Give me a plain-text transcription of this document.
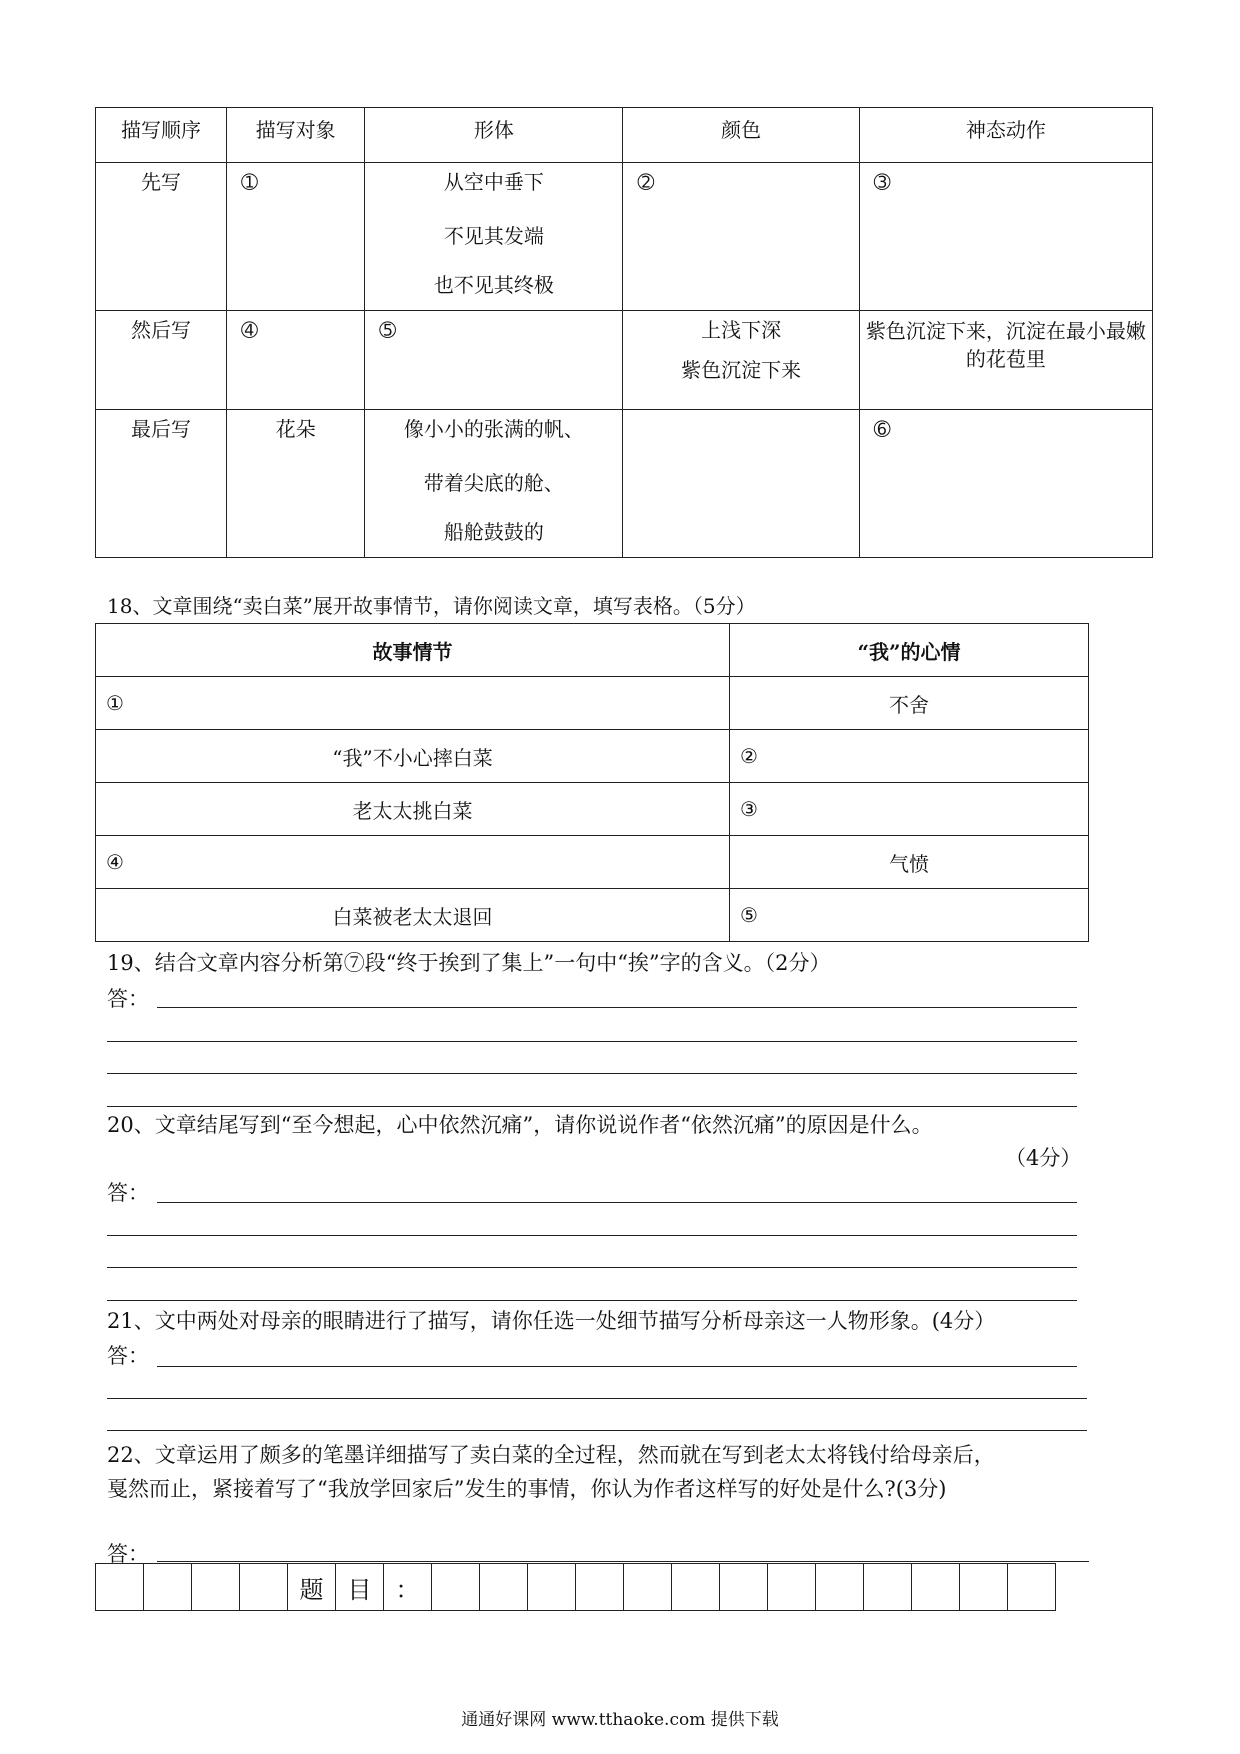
描写顺序	描写对象	形体	颜色	神态动作

先写	➀	从空中垂下
不见其发端
也不见其终极	➁	➂

然后写	➃	➄	上浅下深
紫色沉淀下来	紫色沉淀下来，沉淀在最小最嫩的花苞里

最后写	花朵	像小小的张满的帆、
带着尖底的舱、
船舱鼓鼓的		➅
18、文章围绕“卖白菜”展开故事情节，请你阅读文章，填写表格。（5分）
故事情节	“我”的心情
①	不舍
“我”不小心摔白菜	②
老太太挑白菜	③
④	气愤
白菜被老太太退回	⑤
19、结合文章内容分析第⑦段“终于挨到了集上”一句中“挨”字的含义。（2分）
答：
20、文章结尾写到“至今想起，心中依然沉痛”，请你说说作者“依然沉痛”的原因是什么。
（4分）
答：
21、文中两处对母亲的眼睛进行了描写，请你任选一处细节描写分析母亲这一人物形象。(4分）
答：
22、文章运用了颇多的笔墨详细描写了卖白菜的全过程，然而就在写到老太太将钱付给母亲后，
戛然而止，紧接着写了“我放学回家后”发生的事情，你认为作者这样写的好处是什么?(3分)
答：
				题	目	：													
通通好课网 www.tthaoke.com 提供下载
